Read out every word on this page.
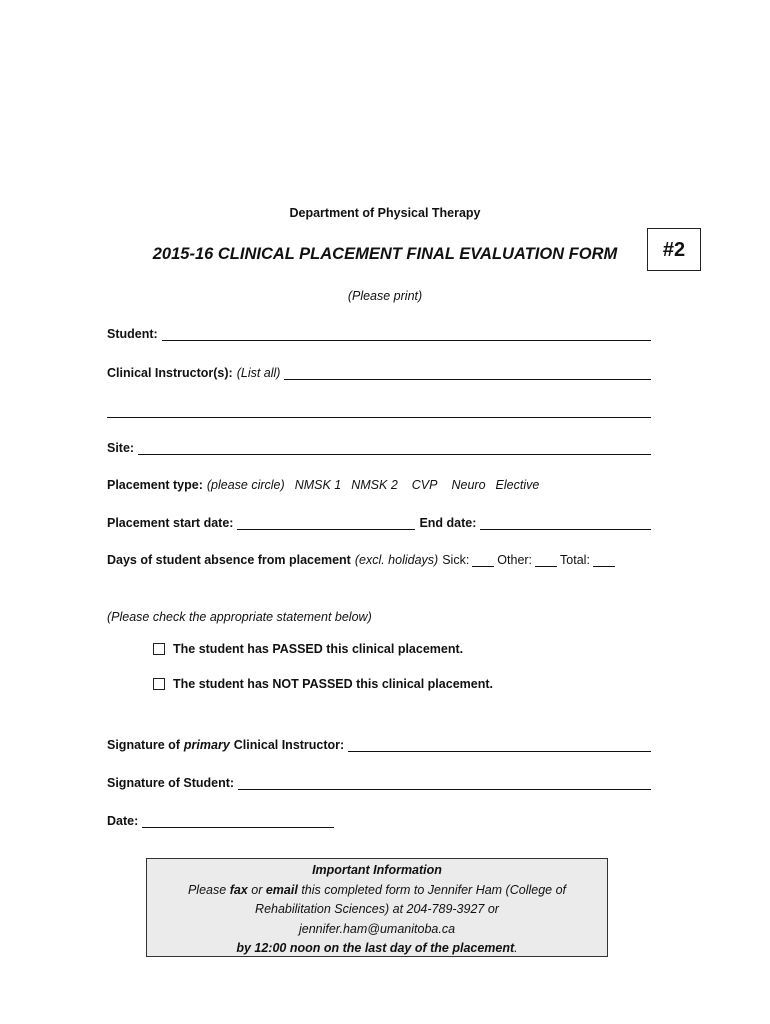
Department of Physical Therapy
2015-16 CLINICAL PLACEMENT FINAL EVALUATION FORM	#2
(Please print)
Student:
Clinical Instructor(s): (List all)
Site:
Placement type: (please circle) NMSK 1 NMSK 2 CVP Neuro Elective
Placement start date:	End date:
Days of student absence from placement (excl. holidays) Sick: Other: Total:
(Please check the appropriate statement below)
The student has PASSED this clinical placement.
The student has NOT PASSED this clinical placement.
Signature of primary Clinical Instructor:
Signature of Student:
Date:
Important Information
Please fax or email this completed form to Jennifer Ham (College of
Rehabilitation Sciences) at 204-789-3927 or
jennifer.ham@umanitoba.ca
by 12:00 noon on the last day of the placement.
